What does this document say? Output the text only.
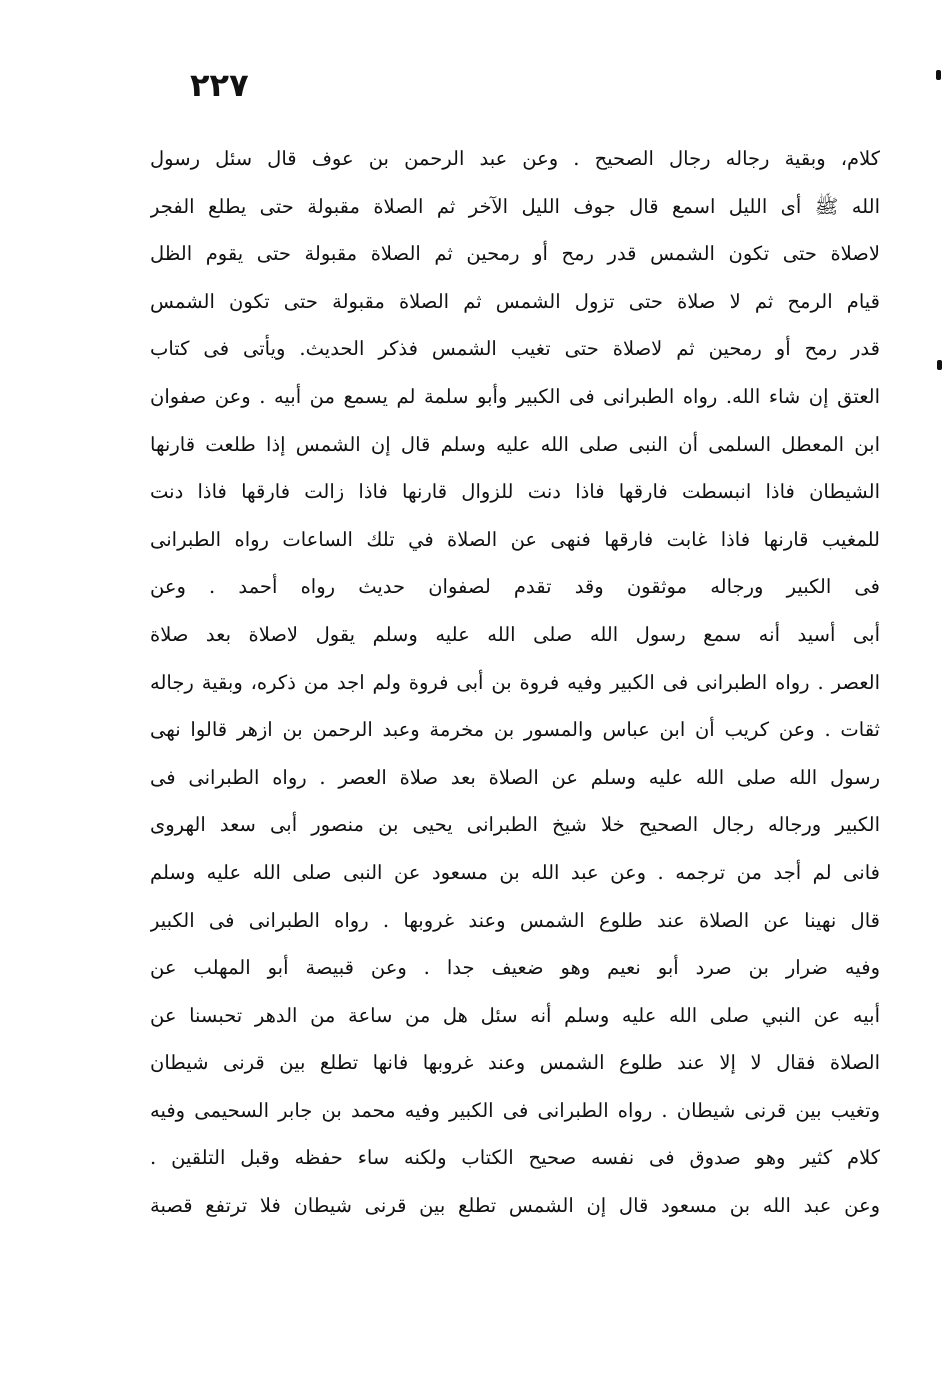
٢٢٧
كلام، وبقية رجاله رجال الصحيح . وعن عبد الرحمن بن عوف قال سئل رسول
الله ﷺ أى الليل اسمع قال جوف الليل الآخر ثم الصلاة مقبولة حتى يطلع الفجر
لاصلاة حتى تكون الشمس قدر رمح أو رمحين ثم الصلاة مقبولة حتى يقوم الظل
قيام الرمح ثم لا صلاة حتى تزول الشمس ثم الصلاة مقبولة حتى تكون الشمس
قدر رمح أو رمحين ثم لاصلاة حتى تغيب الشمس فذكر الحديث. ويأتى فى كتاب
العتق إن شاء الله. رواه الطبرانى فى الكبير وأبو سلمة لم يسمع من أبيه . وعن صفوان
ابن المعطل السلمى أن النبى صلى الله عليه وسلم قال إن الشمس إذا طلعت قارنها
الشيطان فاذا انبسطت فارقها فاذا دنت للزوال قارنها فاذا زالت فارقها فاذا دنت
للمغيب قارنها فاذا غابت فارقها فنهى عن الصلاة في تلك الساعات رواه الطبرانى
فى الكبير ورجاله موثقون وقد تقدم لصفوان حديث رواه أحمد . وعن
أبى أسيد أنه سمع رسول الله صلى الله عليه وسلم يقول لاصلاة بعد صلاة
العصر . رواه الطبرانى فى الكبير وفيه فروة بن أبى فروة ولم اجد من ذكره، وبقية رجاله
ثقات . وعن كريب أن ابن عباس والمسور بن مخرمة وعبد الرحمن بن ازهر قالوا نهى
رسول الله صلى الله عليه وسلم عن الصلاة بعد صلاة العصر . رواه الطبرانى فى
الكبير ورجاله رجال الصحيح خلا شيخ الطبرانى يحيى بن منصور أبى سعد الهروى
فانى لم أجد من ترجمه . وعن عبد الله بن مسعود عن النبى صلى الله عليه وسلم
قال نهينا عن الصلاة عند طلوع الشمس وعند غروبها . رواه الطبرانى فى الكبير
وفيه ضرار بن صرد أبو نعيم وهو ضعيف جدا . وعن قبيصة أبو المهلب عن
أبيه عن النبي صلى الله عليه وسلم أنه سئل هل من ساعة من الدهر تحبسنا عن
الصلاة فقال لا إلا عند طلوع الشمس وعند غروبها فانها تطلع بين قرنى شيطان
وتغيب بين قرنى شيطان . رواه الطبرانى فى الكبير وفيه محمد بن جابر السحيمى وفيه
كلام كثير وهو صدوق فى نفسه صحيح الكتاب ولكنه ساء حفظه وقبل التلقين .
وعن عبد الله بن مسعود قال إن الشمس تطلع بين قرنى شيطان فلا ترتفع قصبة
